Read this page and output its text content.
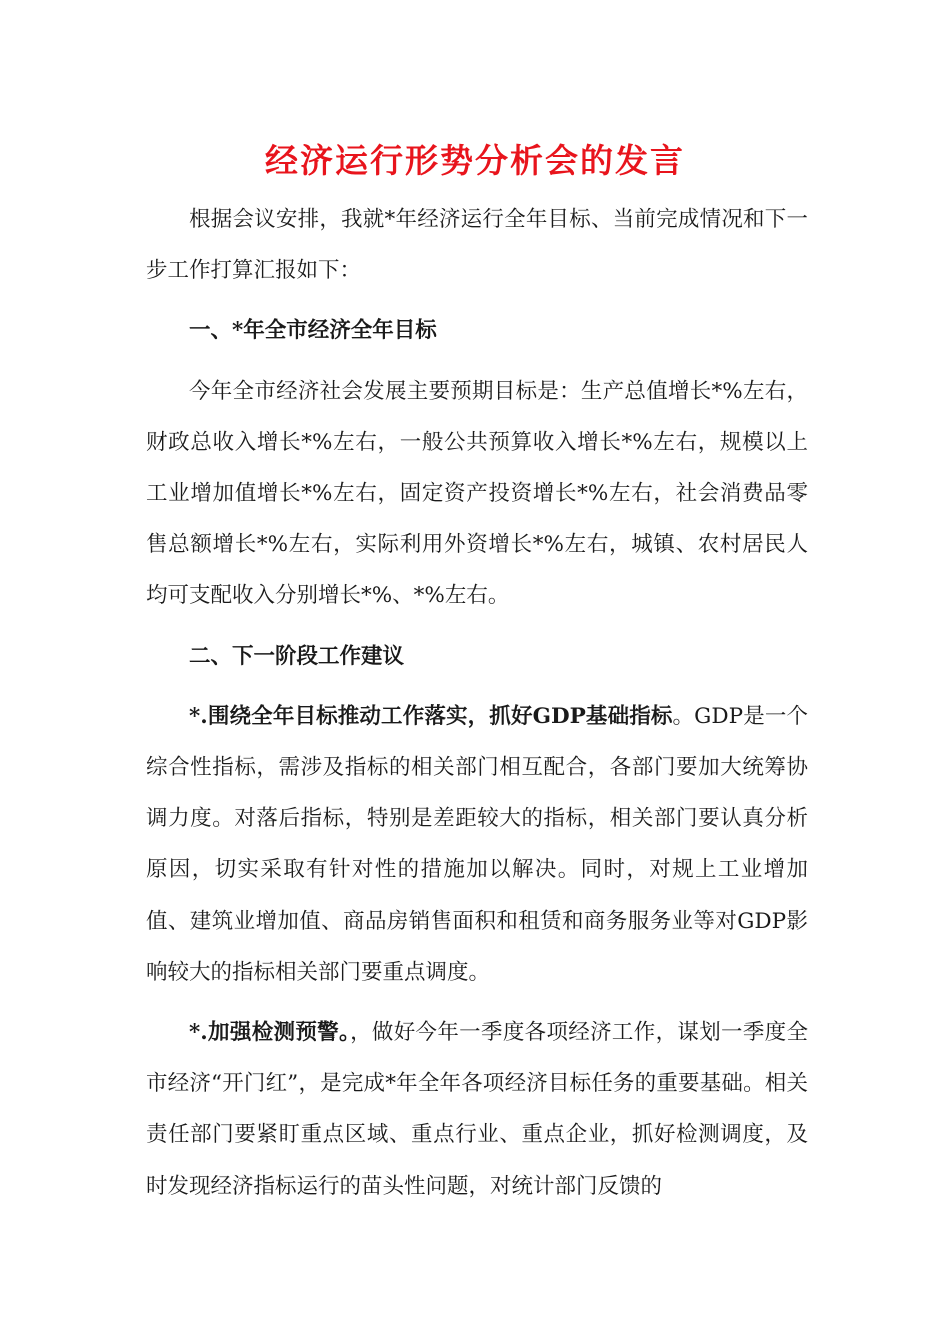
经济运行形势分析会的发言

根据会议安排，我就*年经济运行全年目标、当前完成情况和下一步工作打算汇报如下：

一、*年全市经济全年目标

今年全市经济社会发展主要预期目标是：生产总值增长*%左右，财政总收入增长*%左右，一般公共预算收入增长*%左右，规模以上工业增加值增长*%左右，固定资产投资增长*%左右，社会消费品零售总额增长*%左右，实际利用外资增长*%左右，城镇、农村居民人均可支配收入分别增长*%、*%左右。

二、下一阶段工作建议

*.围绕全年目标推动工作落实，抓好GDP基础指标。GDP是一个综合性指标，需涉及指标的相关部门相互配合，各部门要加大统筹协调力度。对落后指标，特别是差距较大的指标，相关部门要认真分析原因，切实采取有针对性的措施加以解决。同时，对规上工业增加值、建筑业增加值、商品房销售面积和租赁和商务服务业等对GDP影响较大的指标相关部门要重点调度。

*.加强检测预警。，做好今年一季度各项经济工作，谋划一季度全市经济“开门红”，是完成*年全年各项经济目标任务的重要基础。相关责任部门要紧盯重点区域、重点行业、重点企业，抓好检测调度，及时发现经济指标运行的苗头性问题，对统计部门反馈的
